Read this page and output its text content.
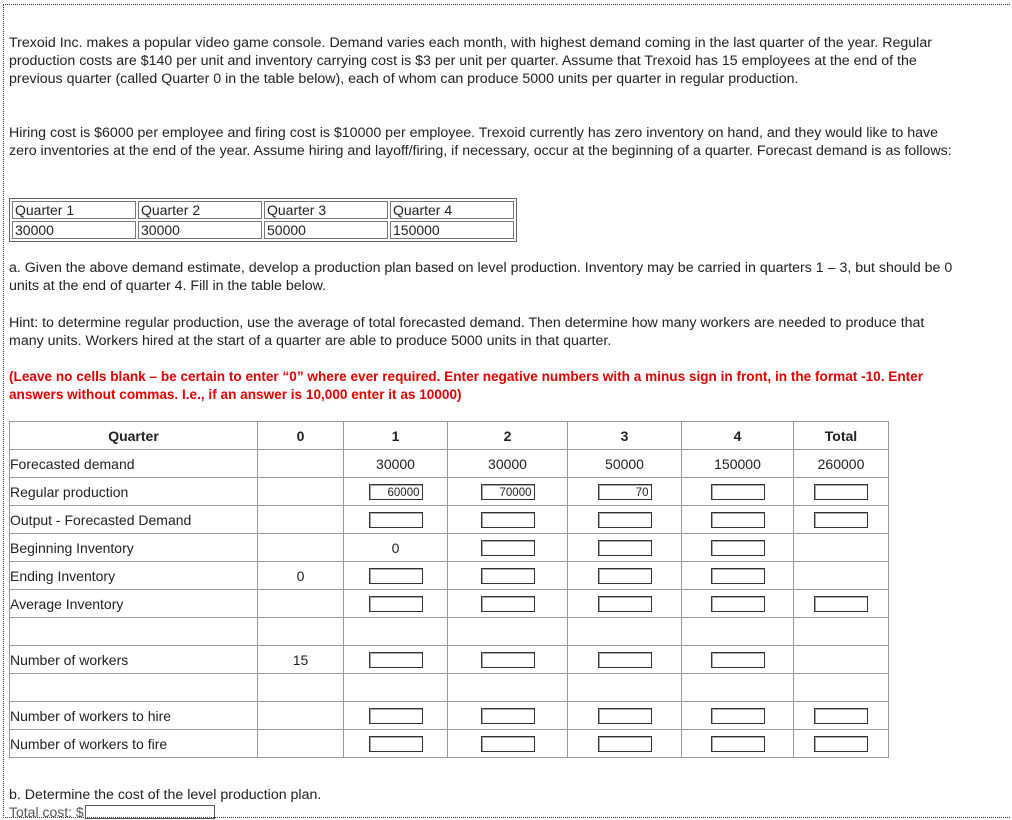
Trexoid Inc. makes a popular video game console. Demand varies each month, with highest demand coming in the last quarter of the year. Regular production costs are $140 per unit and inventory carrying cost is $3 per unit per quarter. Assume that Trexoid has 15 employees at the end of the previous quarter (called Quarter 0 in the table below), each of whom can produce 5000 units per quarter in regular production.

Hiring cost is $6000 per employee and firing cost is $10000 per employee. Trexoid currently has zero inventory on hand, and they would like to have zero inventories at the end of the year. Assume hiring and layoff/firing, if necessary, occur at the beginning of a quarter. Forecast demand is as follows:

Quarter 1	Quarter 2	Quarter 3	Quarter 4
30000	30000	50000	150000

a. Given the above demand estimate, develop a production plan based on level production. Inventory may be carried in quarters 1 – 3, but should be 0 units at the end of quarter 4. Fill in the table below.

Hint: to determine regular production, use the average of total forecasted demand. Then determine how many workers are needed to produce that many units. Workers hired at the start of a quarter are able to produce 5000 units in that quarter.

(Leave no cells blank – be certain to enter “0” where ever required. Enter negative numbers with a minus sign in front, in the format -10. Enter answers without commas. I.e., if an answer is 10,000 enter it as 10000)

Quarter	0	1	2	3	4	Total
Forecasted demand		30000	30000	50000	150000	260000
Regular production		60000	70000	70		
Output - Forecasted Demand						
Beginning Inventory		0				
Ending Inventory	0					
Average Inventory						

Number of workers	15					

Number of workers to hire						
Number of workers to fire						

b. Determine the cost of the level production plan.

Total cost: $
